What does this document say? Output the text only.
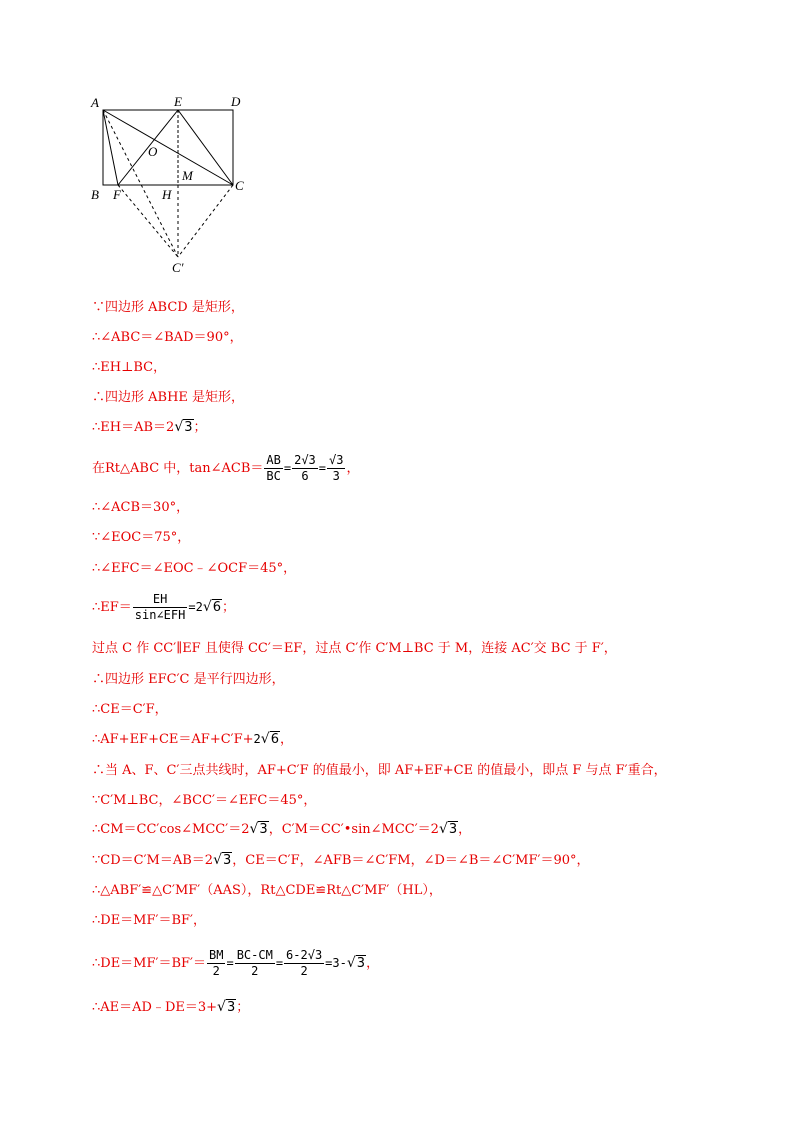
A	E	D
O
M
B F	H
C
C′
∵四边形 ABCD 是矩形，
∴∠ABC＝∠BAD＝90°，
∴EH⊥BC，
∴四边形 ABHE 是矩形，
∴EH＝AB＝2√3；
在Rt△ABC 中，tan∠ACB＝ $\frac{AB}{BC} = \frac{2√3}{6} = \frac{√3}{3}$ ，
∴∠ACB＝30°，
∵∠EOC＝75°，
∴∠EFC＝∠EOC﹣∠OCF＝45°，
∴EF＝ $\frac{EH}{\text{sin∠EFH}} =2√6$；
过点 C 作 CC′∥EF 且使得 CC′＝EF，过点 C′作 C′M⊥BC 于 M，连接 AC′交 BC 于 F′，
∴四边形 EFC′C 是平行四边形，
∴CE＝C′F，
∴AF+EF+CE＝AF+C′F+2√6，
∴当 A、F、C′三点共线时，AF+C′F 的值最小，即 AF+EF+CE 的值最小，即点 F 与点 F′重合，
∵C′M⊥BC，∠BCC′＝∠EFC＝45°，
∴CM＝CC′cos∠MCC′＝2√3，C′M＝CC′•sin∠MCC′＝2√3，
∵CD＝C′M＝AB＝2√3，CE＝C′F，∠AFB＝∠C′FM，∠D＝∠B＝∠C′MF′＝90°，
∴△ABF′≌△C′MF′（AAS），Rt△CDE≌Rt△C′MF′（HL），
∴DE＝MF′＝BF′，
∴DE＝MF′＝BF′＝ $\frac{BM}{2} = \frac{BC-CM}{2} = \frac{6-2√3}{2} =3-√3$，
∴AE＝AD﹣DE＝3+√3；
